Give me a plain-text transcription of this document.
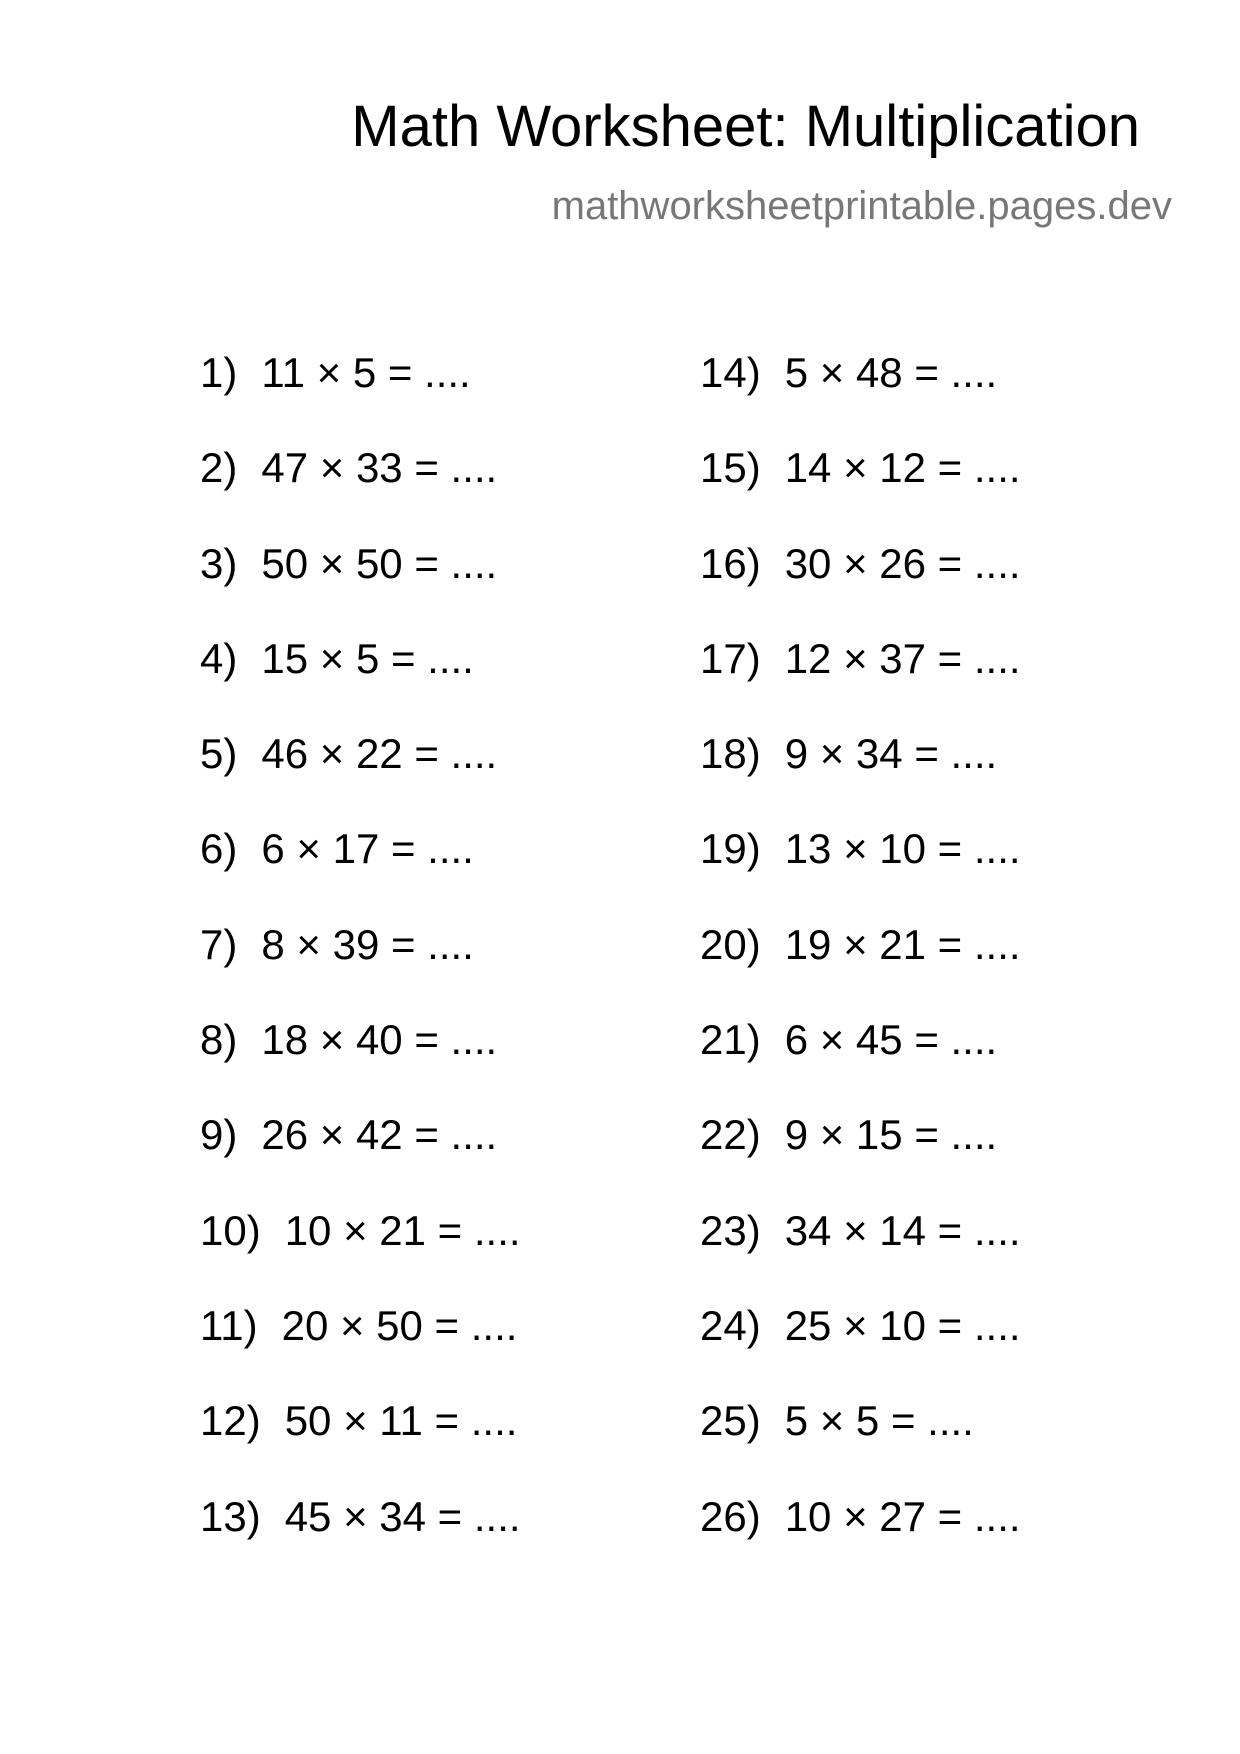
Math Worksheet: Multiplication
mathworksheetprintable.pages.dev
1) 11 × 5 = ....
2) 47 × 33 = ....
3) 50 × 50 = ....
4) 15 × 5 = ....
5) 46 × 22 = ....
6) 6 × 17 = ....
7) 8 × 39 = ....
8) 18 × 40 = ....
9) 26 × 42 = ....
10) 10 × 21 = ....
11) 20 × 50 = ....
12) 50 × 11 = ....
13) 45 × 34 = ....
14) 5 × 48 = ....
15) 14 × 12 = ....
16) 30 × 26 = ....
17) 12 × 37 = ....
18) 9 × 34 = ....
19) 13 × 10 = ....
20) 19 × 21 = ....
21) 6 × 45 = ....
22) 9 × 15 = ....
23) 34 × 14 = ....
24) 25 × 10 = ....
25) 5 × 5 = ....
26) 10 × 27 = ....
